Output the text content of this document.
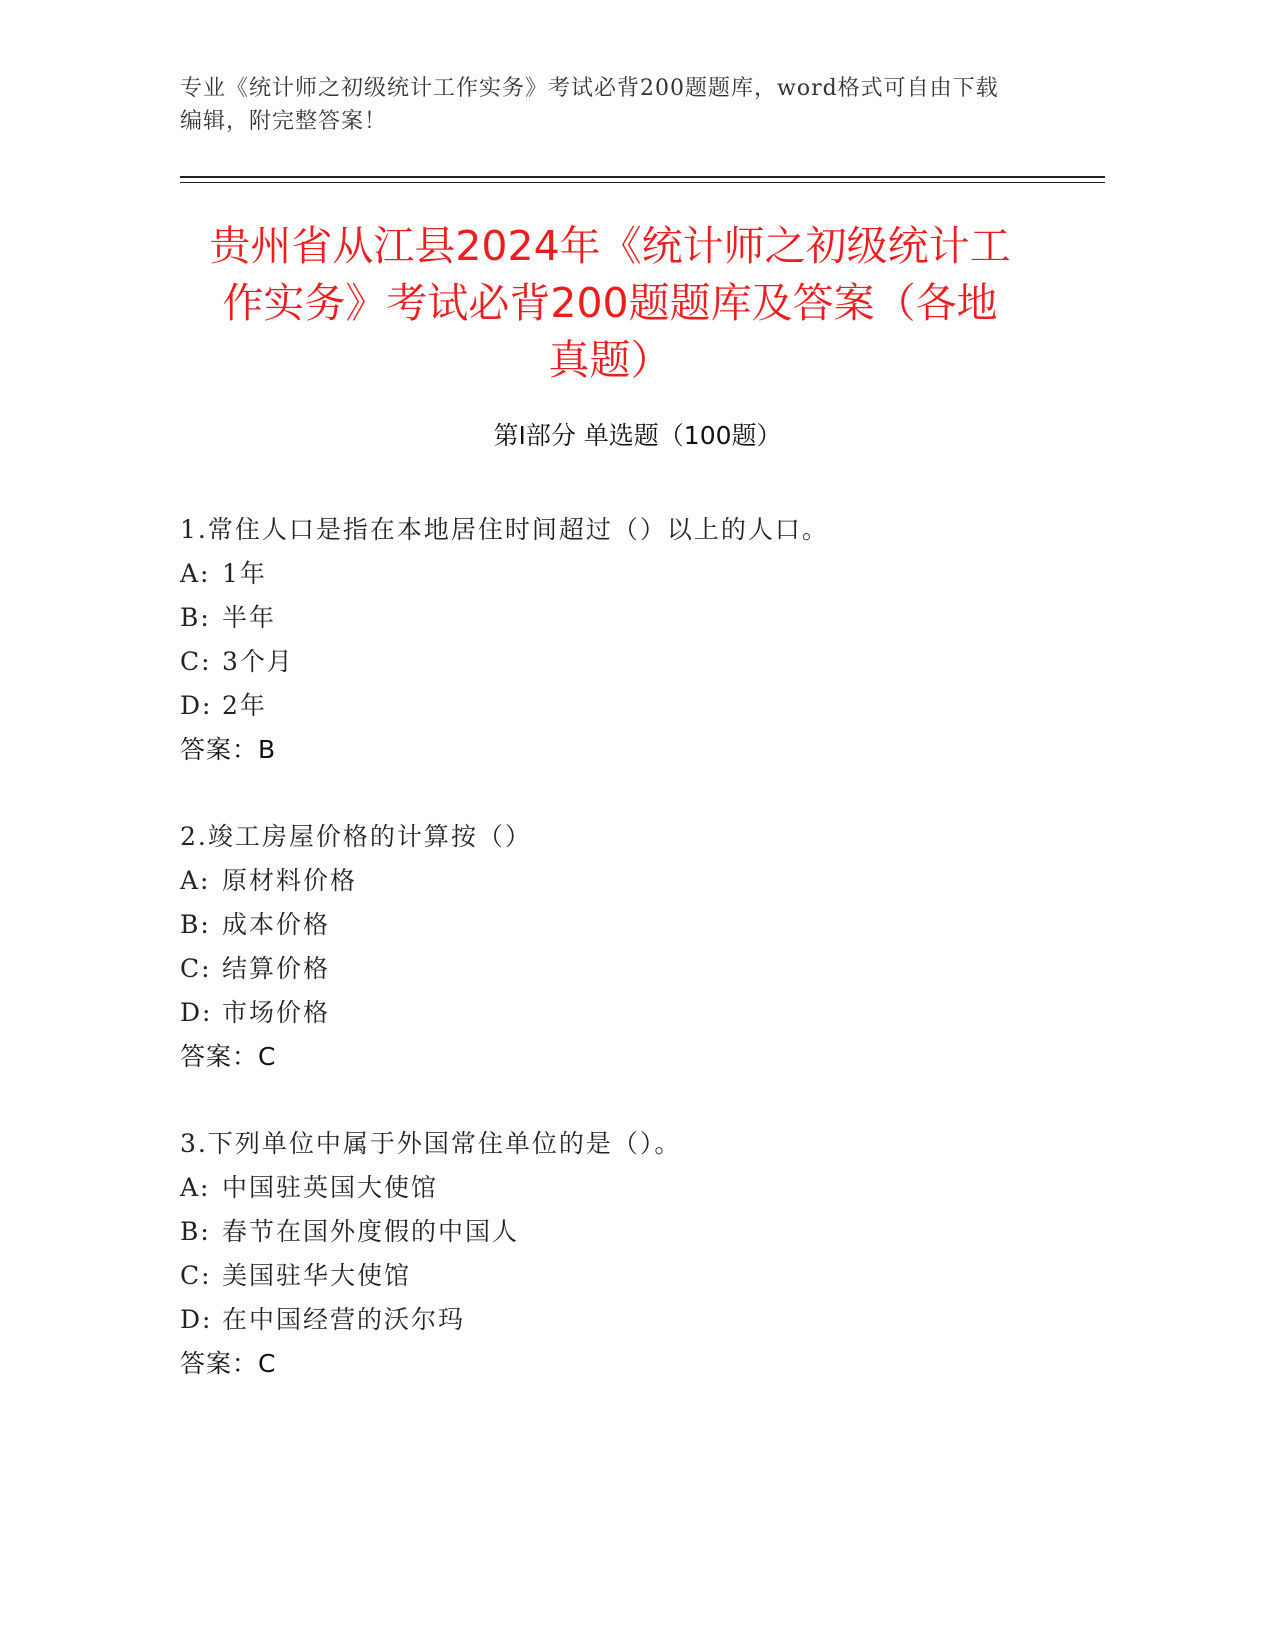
专业《统计师之初级统计工作实务》考试必背200题题库，word格式可自由下载
编辑，附完整答案！
贵州省从江县2024年《统计师之初级统计工
作实务》考试必背200题题库及答案（各地
真题）
第Ⅰ部分 单选题（100题）
1.常住人口是指在本地居住时间超过（）以上的人口。
A: 1年
B: 半年
C: 3个月
D: 2年
答案：B
2.竣工房屋价格的计算按（）
A: 原材料价格
B: 成本价格
C: 结算价格
D: 市场价格
答案：C
3.下列单位中属于外国常住单位的是（）。
A: 中国驻英国大使馆
B: 春节在国外度假的中国人
C: 美国驻华大使馆
D: 在中国经营的沃尔玛
答案：C
